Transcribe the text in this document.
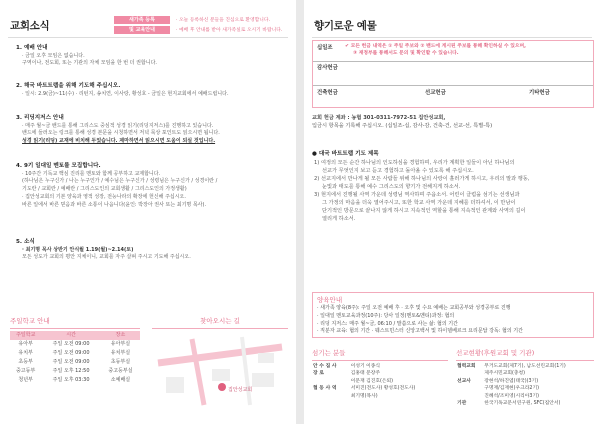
교회소식	새가족 등록
및 교육안내
· 오늘 등록하신 분들을 진심으로 환영합니다.
· 예배 후 안내를 받아 새가족실로 오시기 바랍니다.
1. 예배 안내

· 금일 오후 모임은 없습니다.

구역이나, 전도회, 또는 기관의 자체 모임을 한 번 더 권합니다.

2. 해국 바트트랩을 위해 기도해 주십시오.

· 일시: 2.9(금)~11(수) · 리턴지, 송치연, 이사랑, 황성호 - 금일은 현지교회에서 예배드립니다.

3. 리딩지저스 안내

· 매주 월~금 밴드를 통해 그리스도 중심적 성경 읽기(리딩지저스)를 진행하고 있습니다.

밴드에 들러오는 링크를 통해 성경 본문을 시청하면서 저녁 묵상 포인트도 읽으시면 됩니다.

성경 읽기(리딩) 교재에 비치해 두었습니다. 제마하면서 읽으시면 도움이 되실 것입니다.

4. 9기 일대일 멘토를 모집합니다.

· 10주간 기독교 핵심 진리를 멘토와 함께 공부하고 교제합니다.

(하나님은 누구신가 / 나는 누구인가 / 예수님은 누구신가 / 성령님은 누구신가 / 성경이란 /

기도란 / 교회란 / 예배란 / 그리스도인의 교회생활 / 그리스도인의 가정생활)

· 집안성교회의 기본 양육과 영적 성장, 전능나라의 확장에 헌신해 주십시오.

바른 일에서 바른 믿음과 바른 소통이 나옵니다(윤인: 박장아 권사 또는 최기명 목사).

5. 소식

· 최기명 목사 상반기 안식월 1.19(월)~2.14(토)

모든 성도가 교회의 평안 지체이니, 교회를 자주 살펴 주시고 기도해 주십시오.

주일학교 안내
주일학교	시간	장소
유아부	주일 오전 09:00	유아부실
유치부	주일 오전 09:00	유치부실
초등부	주일 오전 09:00	초등부실
중고등부	주일 오후 12:50	중고등부실
청년부	주일 오후 03:30	소예배실
찾아오시는 길
집안성교회
향기로운 예물
십일조	✔ 모든 헌금 내역은 ① 주일 주보와 ② 밴드에 게시된 주보를 통해 확인하실 수 있으며,
③ 재정부를 통해서도 문의 및 확인할 수 있습니다.
감사헌금
건축헌금	선교헌금	기타헌금
교회 헌금 계좌 : 농협 301-0311-7972-51 집안성교회,
입금시 항목을 기록해 주십시오. (십일조-십, 감사-감, 건축-건, 선교-선, 특별-특)
● 대국 바트트랩 기도 제목
1) 여정의 모든 순간 하나님의 인도하심을 경험하며, 우리가 계획한 일들이 아닌 하나님의
선교가 무엇인지 보고 듣고 경험하고 돌아올 수 있도록 해 주십시오.
2) 선교지에서 만나게 될 모든 사람들 위해 하나님의 사랑이 흘러가게 하시고, 우리의 말과 행동,
눈빛과 태도를 통해 예수 그리스도의 향기가 전해지게 하소서.
3) 현지에서 진행될 사역 가운데 성령님 역사하며 주옵소서. 어린이 클럽을 섬기는 선생님과
그 가정의 마음을 더욱 열어주시고, 또한 학교 사역 가운데 지혜를 더하셔서, 이 만남이
단기적인 방문으로 끝나지 않게 하시고 지속적인 역할을 통해 지속적인 관계와 사역의 길이
열리게 하소서.
양육안내
· 새가족 양육(8주): 주일 오전 예배 후 · 오후 및 수요 예배는 교회공부와 성경공부로 진행
· 일대일 멘토교육과정(10주): 당사 일정(멘토&멘티)과정: 협의
· 리딩 지저스: 매주 월~금, 06:10 / 말씀으로 사는 삶: 협의 기간
· 직분자 교육: 협의 기간 · 웨스트민스터 신앙고백서 및 하이델베르크 요리문답 강독: 협의 기간
섬기는 분들
안 수 집 사	이성기 이종식
장 로	김홍태 문장주
	이문재 김진호(은퇴)
협 동 사 역	서미진(전도사) 황성호(전도사)
	최기명(목사)
선교현황(후원교회 및 기관)
협력교회	무거도교회(제7기), 남도선린교회(1기)
	제주시민교회(충청)
선교사	장현석/하진엽(태국)(3기)
	구명재/김재현(우크라2기)
	진혜석/조미영(시리아3기)
기관	한국기독교문서연구원, SFC(집안서)
